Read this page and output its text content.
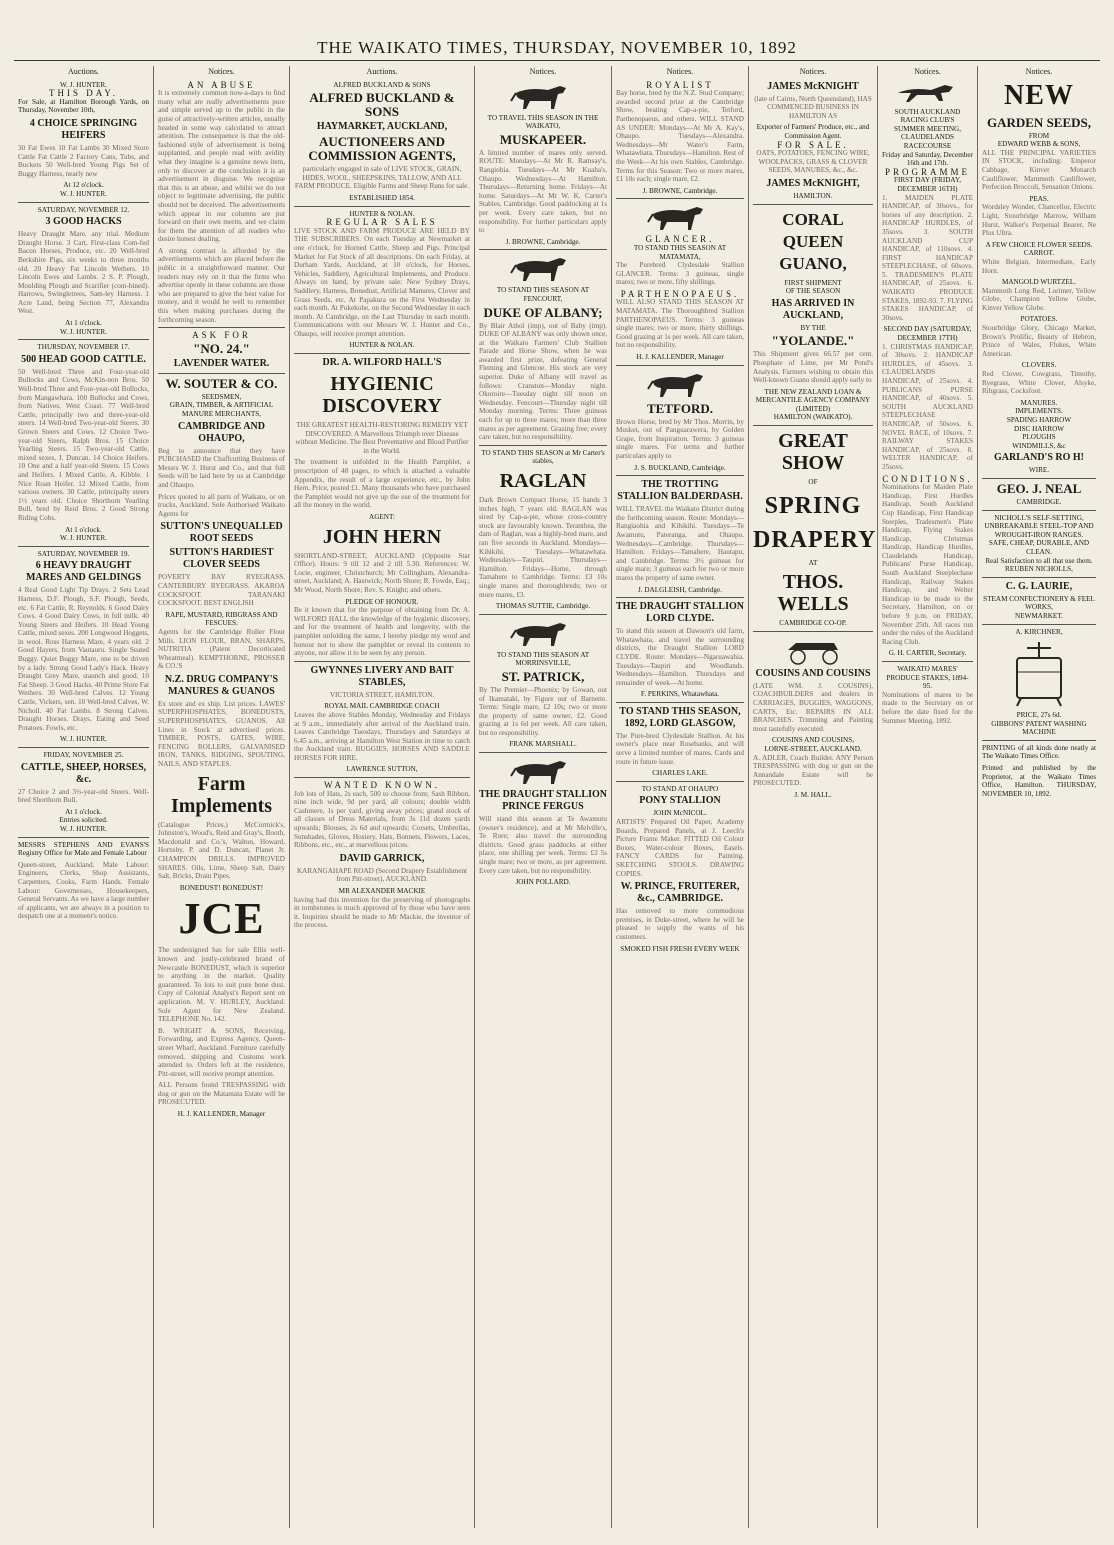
THE WAIKATO TIMES, THURSDAY, NOVEMBER 10, 1892
Auctions.
W. J. HUNTER.
THIS DAY.

For Sale, at Hamilton Borough Yards, on Thursday, November 10th,

4 CHOICE SPRINGING HEIFERS

30 Fat Ewes 10 Fat Lambs 30 Mixed Store Cattle Fat Cattle 2 Factory Cans, Tubs, and Buckets 50 Well-bred Young Pigs Set of Buggy Harness, nearly new

At 12 o'clock.
W. J. HUNTER.
SATURDAY, NOVEMBER 12.
3 GOOD HACKS

Heavy Draught Mare, any trial. Medium Draught Horse. 3 Cart, First-class Com-fed Bacon Horses, Produce, etc. 20 Well-bred Berkshire Pigs, six weeks to three months old. 20 Heavy Fat Lincoln Wethers. 10 Lincoln Ewes and Lambs. 2 S. P. Plough, Moulding Plough and Scarifier (com-bined). Harrows, Swingletrees, Sam-ley Harness. 1 Acre Land, being Section 77, Alexandra West.

At 1 o'clock.
W. J. HUNTER.
THURSDAY, NOVEMBER 17.
500 HEAD GOOD CATTLE.

50 Well-bred Three and Four-year-old Bullocks and Cows, McKin-non Bros. 50 Well-bred Three and Four-year-old Bullocks, from Mangawhara. 100 Bullocks and Cows, from Natives, West Coast. 77 Well-bred Cattle, principally two and three-year-old steers. 14 Well-bred Two-year-old Steers. 30 Grown Steers and Cows. 12 Choice Two-year-old Steers, Ralph Bros. 15 Choice Yearling Steers. 15 Two-year-old Cattle, mixed sexes, J. Duncan. 14 Choice Heifers. 10 One and a half year-old Steers. 15 Cows and Heifers. 1 Mixed Cattle, A. Kibble. 1 Nice Roan Heifer. 12 Mixed Cattle, from various owners. 30 Cattle, principally steers 1½ years old. Choice Shorthorn Yearling Bull, bred by Reid Bros. 2 Good Strong Riding Cobs.

At 1 o'clock.
W. J. HUNTER.
SATURDAY, NOVEMBER 19.
6 HEAVY DRAUGHT MARES AND GELDINGS

4 Real Good Light Tip Drays. 2 Sets Lead Harness, D.F. Plough, S.F. Plough, Seeds, etc. 6 Fat Cattle, R. Reynolds. 6 Good Dairy Cows. 4 Good Dairy Cows, in full milk. 40 Young Steers and Heifers. 10 Head Young Cattle, mixed sexes. 200 Longwood Hoggets, in wool. Ross Harness Mare, 4 years old. 2 Good Hayers, from Vautauru. Single Seated Buggy. Quiet Buggy Mare, one to be driven by a lady. Strong Good Lady's Hack. Heavy Draught Grey Mare, staunch and good. 10 Fat Sheep. 3 Good Hacks. 40 Prime Store Fat Wethers. 30 Well-bred Calves. 12 Young Cattle, Vickers, sen. 10 Well-bred Calves, W. Nicholl. 40 Fat Lambs. 8 Strong Calves. Draught Horses. Drays. Eating and Seed Potatoes. Fowls, etc.

W. J. HUNTER.
FRIDAY, NOVEMBER 25.
CATTLE, SHEEP, HORSES, &c.

27 Choice 2 and 3½-year-old Steers. Well-bred Shorthorn Bull.

At 1 o'clock.
Entries solicited.
W. J. HUNTER.

MESSRS STEPHENS AND EVANS'S Registry Office for Male and Female Labour

Queen-street, Auckland. Male Labour: Engineers, Clerks, Shop Assistants, Carpenters, Cooks, Farm Hands. Female Labour: Governesses, Housekeepers, General Servants. As we have a large number of applicants, we are always in a position to despatch one at a moment's notice.

Notices.
AN ABUSE

It is extremely common now-a-days to find many what are really advertisements pure and simple served up to the public in the guise of attractively-written articles, usually headed in some way calculated to attract attention. The consequence is that the old-fashioned style of advertisement is being supplanted, and people read with avidity what they imagine is a genuine news item, only to discover at the conclusion it is an advertisement in disguise. We recognise that this is an abuse, and whilst we do not object to legitimate advertising, the public should not be deceived. The advertisements which appear in our columns are put forward on their own merits, and we claim for them the attention of all readers who desire honest dealing.

A strong contrast is afforded by the advertisements which are placed before the public in a straightforward manner. Our readers may rely on it that the firms who advertise openly in these columns are those who are prepared to give the best value for money, and it would be well to remember this when making purchases during the forthcoming season.

ASK FOR
"NO. 24."
LAVENDER WATER.
W. SOUTER & CO.
SEEDSMEN,
GRAIN, TIMBER, & ARTIFICIAL MANURE MERCHANTS,
CAMBRIDGE AND OHAUPO,

Beg to announce that they have PURCHASED the Chaffcutting Business of Messrs W. J. Hurst and Co., and that full Seeds will be laid here by us at Cambridge and Ohaupo.

Prices quoted to all parts of Waikato, or on trucks, Auckland. Sole Authorised Waikato Agents for

SUTTON'S UNEQUALLED ROOT SEEDS
SUTTON'S HARDIEST CLOVER SEEDS

POVERTY BAY RYEGRASS. CANTERBURY RYEGRASS. AKAROA COCKSFOOT. TARANAKI COCKSFOOT. BEST ENGLISH

RAPE, MUSTARD, RIBGRASS AND FESCUES.

Agents for the Cambridge Roller Flour Mills. LION FLOUR, BRAN, SHARPS, NUTRITIA (Patent Decorticated Wheatmeal). KEMPTHORNE, PROSSER & CO.'S

N.Z. DRUG COMPANY'S MANURES & GUANOS

Ex store and ex ship. List prices. LAWES' SUPERPHOSPHATES, BONEDUSTS, SUPERPHOSPHATES, GUANOS. All Lines in Stock at advertised prices. TIMBER, POSTS, GATES, WIRE, FENCING ROLLERS, GALVANISED IRON, TANKS, RIDGING, SPOUTING, NAILS, AND STAPLES.

Farm Implements

(Catalogue Prices.) McCormick's, Johnston's, Wood's, Reid and Gray's, Booth, Macdonald and Co.'s, Walton, Howard, Hornsby, P. and D. Duncan, Planet Jr. CHAMPION DRILLS. IMPROVED SHARES. Oils, Lime, Sheep Salt, Dairy Salt, Bricks, Drain Pipes.

BONEDUST! BONEDUST!
JCE

The undersigned has for sale Ellis well-known and justly-celebrated brand of Newcastle BONEDUST, which is superior to anything in the market. Quality guaranteed. To lots to suit pure bone dust. Copy of Colonial Analyst's Report sent on application. M. V. HURLEY, Auckland. Sole Agent for New Zealand. TELEPHONE No. 142.

B. WRIGHT & SONS, Receiving, Forwarding, and Express Agency, Queen-street Wharf, Auckland. Furniture carefully removed, shipping and Customs work attended to. Orders left at the residence, Pitt-street, will receive prompt attention.

ALL Persons found TRESPASSING with dog or gun on the Matamata Estate will be PROSECUTED.

H. J. KALLENDER, Manager
Auctions.
ALFRED BUCKLAND & SONS
ALFRED BUCKLAND & SONS
HAYMARKET, AUCKLAND,
AUCTIONEERS AND COMMISSION AGENTS,

particularly engaged in sale of LIVE STOCK, GRAIN, HIDES, WOOL, SHEEPSKINS, TALLOW, AND ALL FARM PRODUCE. Eligible Farms and Sheep Runs for sale.

ESTABLISHED 1854.
HUNTER & NOLAN.
REGULAR SALES

LIVE STOCK AND FARM PRODUCE ARE HELD BY THE SUBSCRIBERS. On each Tuesday at Newmarket at one o'clock, for Horned Cattle, Sheep and Pigs. Principal Market for Fat Stock of all descriptions. On each Friday, at Durham Yards, Auckland, at 10 o'clock, for Horses, Vehicles, Saddlery, Agricultural Implements, and Produce. Always on hand, by private sale: New Sydney Drays, Saddlery, Harness, Bonedust, Artificial Manures, Clover and Grass Seeds, etc. At Papakura on the First Wednesday in each month. At Pukekohe, on the Second Wednesday in each month. At Cambridge, on the Last Thursday in each month. Communications with our Messrs W. J. Hunter and Co., Ohaupo, will receive prompt attention.

HUNTER & NOLAN.
DR. A. WILFORD HALL'S
HYGIENIC DISCOVERY

THE GREATEST HEALTH-RESTORING REMEDY YET DISCOVERED. A Marvellous Triumph over Disease without Medicine. The Best Preventative and Blood Purifier in the World.

The treatment is unfolded in the Health Pamphlet, a prescription of 48 pages, to which is attached a valuable Appendix, the result of a large experience, etc., by John Hern. Price, posted £1. Many thousands who have purchased the Pamphlet would not give up the use of the treatment for all the money in the world.

AGENT:
JOHN HERN

SHORTLAND-STREET, AUCKLAND (Opposite Star Office). Hours: 9 till 12 and 2 till 5.30. References: W. Locie, engineer, Christchurch; Mr Collingham, Alexandra-street, Auckland; A. Hastwick; North Shore; R. Fowde, Esq.; Mr Wood, North Shore; Rev. S. Knight; and others.

PLEDGE OF HONOUR.

Be it known that for the purpose of obtaining from Dr. A. WILFORD HALL the knowledge of the hygienic discovery, and for the treatment of health and longevity, with the pamphlet unfolding the same, I hereby pledge my word and honour not to show the pamphlet or reveal its contents to anyone, nor allow it to be seen by any person.

GWYNNES LIVERY AND BAIT STABLES,

VICTORIA STREET, HAMILTON.

ROYAL MAIL CAMBRIDGE COACH

Leaves the above Stables Monday, Wednesday and Fridays at 9 a.m., immediately after arrival of the Auckland train. Leaves Cambridge Tuesdays, Thursdays and Saturdays at 6.45 a.m., arriving at Hamilton West Station in time to catch the Auckland train. BUGGIES, HORSES AND SADDLE HORSES FOR HIRE.

LAWRENCE SUTTON,
WANTED KNOWN.

Job lots of Hats, 2s each, 500 to choose from; Sash Ribbon, nine inch wide, 9d per yard, all colours; double width Cashmere, 1s per yard, giving away prices; grand stock of all classes of Dress Materials, from 3s 11d dozen yards upwards; Blouses, 2s 6d and upwards; Corsets, Umbrellas, Sunshades, Gloves, Hosiery, Hats, Bonnets, Flowers, Laces, Ribbons, etc., etc., at marvellous prices.

DAVID GARRICK,

KARANGAHAPE ROAD (Second Drapery Establishment from Pitt-street), AUCKLAND.

MR ALEXANDER MACKIE

having had this invention for the preserving of photographs in tombstones is much approved of by those who have seen it. Inquiries should be made to Mr Mackie, the inventor of the process.

Notices.
TO TRAVEL THIS SEASON IN THE WAIKATO,
MUSKAPEER.

A limited number of mares only served. ROUTE: Mondays—At Mr R. Ramsay's, Rangiohia. Tuesdays—At Mr Kuaha's, Ohaupo. Wednesdays—At Hamilton. Thursdays—Returning home. Fridays—At home. Saturdays—At Mr W. K. Carter's Stables, Cambridge. Good paddocking at 1s per week. Every care taken, but no responsibility. For further particulars apply to

J. BROWNE, Cambridge.
TO STAND THIS SEASON AT FENCOURT,
DUKE OF ALBANY;

By Blair Athol (imp), out of Baby (imp). DUKE OF ALBANY was only shown once, at the Waikato Farmers' Club Stallion Parade and Horse Show, when he was awarded first prize, defeating General Fleming and Glencoe. His stock are very superior. Duke of Albany will travel as follows: Cranston—Monday night. Okoroire—Tuesday night till noon on Wednesday. Fencourt—Thursday night till Monday morning. Terms: Three guineas each for up to three mares; more than three mares as per agreement. Grazing free; every care taken, but no responsibility.

TO STAND THIS SEASON at Mr Carter's stables,
RAGLAN

Dark Brown Compact Horse, 15 hands 3 inches high, 7 years old. RAGLAN was sired by Cap-a-pie, whose cross-country stock are favourably known. Teranthea, the dam of Raglan, was a highly-bred mare, and ran five seconds in Auckland. Mondays—Kihikihi. Tuesdays—Whatawhata. Wednesdays—Taupiri. Thursdays—Hamilton. Fridays—Home, through Tamahere to Cambridge. Terms: £3 10s single mares and thoroughbreds; two or more mares, £3.

THOMAS SUTTIE, Cambridge.
TO STAND THIS SEASON AT MORRINSVILLE,
ST. PATRICK,

By The Premier—Phoenix; by Gowan, out of Ikamataki, by Figure out of Barnette. Terms: Single mare, £2 10s; two or more the property of same owner, £2. Good grazing at 1s 6d per week. All care taken, but no responsibility.

FRANK MARSHALL.
THE DRAUGHT STALLION PRINCE FERGUS

Will stand this season at Te Awamutu (owner's residence), and at Mr Melville's, Te Rore; also travel the surrounding districts. Good grass paddocks at either place, one shilling per week. Terms: £2 5s single mare; two or more, as per agreement. Every care taken, but no responsibility.

JOHN POLLARD.
Notices.
ROYALIST

Bay horse, bred by the N.Z. Stud Company; awarded second prize at the Cambridge Show, beating Cap-a-pie, Tetford, Parthenopaeus, and others. WILL STAND AS UNDER: Mondays—At Mr A. Kay's, Ohaupo. Tuesdays—Alexandra. Wednesdays—Mr Water's Farm, Whatawhata. Thursdays—Hamilton. Rest of the Week—At his own Stables, Cambridge. Terms for this Season: Two or more mares, £1 10s each; single mare, £2.

J. BROWNE, Cambridge.
GLANCER.
TO STAND THIS SEASON AT MATAMATA,

The Purebred Clydesdale Stallion GLANCER. Terms: 3 guineas, single mares; two or more, fifty shillings.

PARTHENOPAEUS.

WILL ALSO STAND THIS SEASON AT MATAMATA. The Thoroughbred Stallion PARTHENOPAEUS. Terms: 3 guineas single mares; two or more, thirty shillings. Good grazing at 1s per week. All care taken, but no responsibility.

H. J. KALLENDER, Manager
TETFORD.

Brown Horse, bred by Mr Thos. Morrin, by Musket, out of Panguarawera, by Golden Grape, from Inspiration. Terms: 3 guineas single mares. For terms and further particulars apply to

J. S. BUCKLAND, Cambridge.
THE TROTTING STALLION BALDERDASH.

WILL TRAVEL the Waikato District during the forthcoming season. Route: Mondays—Rangiaohia and Kihikihi. Tuesdays—Te Awamutu, Pateranga, and Ohaupo. Wednesdays—Cambridge. Thursdays—Hamilton. Fridays—Tamahere, Hautapu, and Cambridge. Terms: 3½ guineas for single mare; 3 guineas each for two or more mares the property of same owner.

J. DALGLEISH, Cambridge.
THE DRAUGHT STALLION LORD CLYDE.

To stand this season at Dawson's old farm, Whatawhata, and travel the surrounding districts, the Draught Stallion LORD CLYDE. Route: Mondays—Ngaruawahia. Tuesdays—Taupiri and Woodlands. Wednesdays—Hamilton. Thursdays and remainder of week—At home.

F. PERKINS, Whatawhata.
TO STAND THIS SEASON, 1892, LORD GLASGOW,

The Pure-bred Clydesdale Stallion. At his owner's place near Rosebanks, and will serve a limited number of mares. Cards and route in future issue.

CHARLES LAKE.
TO STAND AT OHAUPO
PONY STALLION
JOHN McNICOL.

ARTISTS' Prepared Oil Paper, Academy Boards, Prepared Panels, at J. Leech's Picture Frame Maker. FITTED Oil Colour Boxes, Water-colour Boxes, Easels. FANCY CARDS for Painting. SKETCHING STOOLS. DRAWING COPIES.

W. PRINCE, FRUITERER, &c., CAMBRIDGE.

Has removed to more commodious premises, in Duke-street, where he will be pleased to supply the wants of his customers.

SMOKED FISH FRESH EVERY WEEK
Notices.
JAMES McKNIGHT

(late of Cairns, North Queensland), HAS COMMENCED BUSINESS IN HAMILTON AS

Exporter of Farmers' Produce, etc., and Commission Agent.
FOR SALE.

OATS, POTATOES, FENCING WIRE, WOOLPACKS, GRASS & CLOVER SEEDS, MANURES, &c., &c.

JAMES McKNIGHT,
HAMILTON.
CORAL QUEEN GUANO,
FIRST SHIPMENT
OF THE SEASON
HAS ARRIVED IN AUCKLAND,
BY THE
"YOLANDE."

This Shipment gives 66.57 per cent. Phosphate of Lime, per Mr Pond's Analysis. Farmers wishing to obtain this Well-known Guano should apply early to

THE NEW ZEALAND LOAN & MERCANTILE AGENCY COMPANY (LIMITED)
HAMILTON (WAIKATO).
GREAT SHOW
OF
SPRING
DRAPERY
AT
THOS. WELLS
CAMBRIDGE CO-OP.
COUSINS AND COUSINS

(LATE WM. J. COUSINS), COACHBUILDERS and dealers in CARRIAGES, BUGGIES, WAGGONS, CARTS, Etc. REPAIRS IN ALL BRANCHES. Trimming and Painting most tastefully executed.

COUSINS AND COUSINS,
LORNE-STREET, AUCKLAND.

A. ADLER, Coach Builder. ANY Person TRESPASSING with dog or gun on the Annandale Estate will be PROSECUTED.

J. M. HALL.
Notices.
SOUTH AUCKLAND RACING CLUB'S
SUMMER MEETING,
CLAUDELANDS RACECOURSE
Friday and Saturday, December 16th and 17th.
PROGRAMME
FIRST DAY (FRIDAY, DECEMBER 16TH)

1. MAIDEN PLATE HANDICAP, of 30sovs., for horses of any description. 2. HANDICAP HURDLES, of 35sovs. 3. SOUTH AUCKLAND CUP HANDICAP, of 110sovs. 4. FIRST HANDICAP STEEPLECHASE, of 60sovs. 5. TRADESMEN'S PLATE HANDICAP, of 25sovs. 6. WAIKATO PRODUCE STAKES, 1892-93. 7. FLYING STAKES HANDICAP, of 30sovs.

SECOND DAY (SATURDAY, DECEMBER 17TH)

1. CHRISTMAS HANDICAP, of 30sovs. 2. HANDICAP HURDLES, of 45sovs. 3. CLAUDELANDS HANDICAP, of 25sovs. 4. PUBLICANS PURSE HANDICAP, of 40sovs. 5. SOUTH AUCKLAND STEEPLECHASE HANDICAP, of 50sovs. 6. NOVEL RACE, of 10sovs. 7. RAILWAY STAKES HANDICAP, of 25sovs. 8. WELTER HANDICAP, of 25sovs.

CONDITIONS.

Nominations for Maiden Plate Handicap, First Hurdles Handicap, South Auckland Cup Handicap, First Handicap Steeples, Tradesmen's Plate Handicap, Flying Stakes Handicap, Christmas Handicap, Handicap Hurdles, Claudelands Handicap, Publicans' Purse Handicap, South Auckland Steeplechase Handicap, Railway Stakes Handicap, and Welter Handicap to be made to the Secretary, Hamilton, on or before 9 p.m. on FRIDAY, November 25th. All races run under the rules of the Auckland Racing Club.

G. H. CARTER, Secretary.
WAIKATO MARES' PRODUCE STAKES, 1894-95.

Nominations of mares to be made to the Secretary on or before the date fixed for the Summer Meeting, 1892.

Notices.
NEW
GARDEN SEEDS,
FROM
EDWARD WEBB & SONS,

ALL THE PRINCIPAL VARIETIES IN STOCK, including: Emperor Cabbage, Kinver Monarch Cauliflower, Mammoth Cauliflower, Perfection Broccoli, Sensation Onions.

PEAS.

Wordsley Wonder, Chancellor, Electric Light, Stourbridge Marrow, Wilham Hurst, Walker's Perpetual Bearer, Ne Plus Ultra.

A FEW CHOICE FLOWER SEEDS.
CARROT.

White Belgian, Intermediate, Early Horn.

MANGOLD WURTZEL.

Mammoth Long Red, Lorimer, Yellow Globe, Champion Yellow Globe, Kinver Yellow Globe.

POTATOES.

Stourbridge Glory, Chicago Market, Brown's Prolific, Beauty of Hebron, Prince of Wales, Flukes, White American.

CLOVERS.

Red Clover, Cowgrass, Timothy, Ryegrass, White Clover, Alsyke, Ribgrass, Cocksfoot.

MANURES.
IMPLEMENTS.
SPADING HARROW
DISC HARROW
PLOUGHS
WINDMILLS, &c
GARLAND'S RO H!
WIRE.
GEO. J. NEAL
CAMBRIDGE.
NICHOLL'S SELF-SETTING, UNBREAKABLE STEEL-TOP AND WROUGHT-IRON RANGES.
SAFE, CHEAP, DURABLE, AND CLEAN.
Real Satisfaction to all that use them.
REUBEN NICHOLLS,
C. G. LAURIE,
STEAM CONFECTIONERY & FEEL WORKS,
NEWMARKET.
A. KIRCHNER,
PRICE, 27s 6d.
GIBBONS' PATENT WASHING MACHINE

PRINTING of all kinds done neatly at The Waikato Times Office.

Printed and published by the Proprietor, at the Waikato Times Office, Hamilton. THURSDAY, NOVEMBER 10, 1892.
